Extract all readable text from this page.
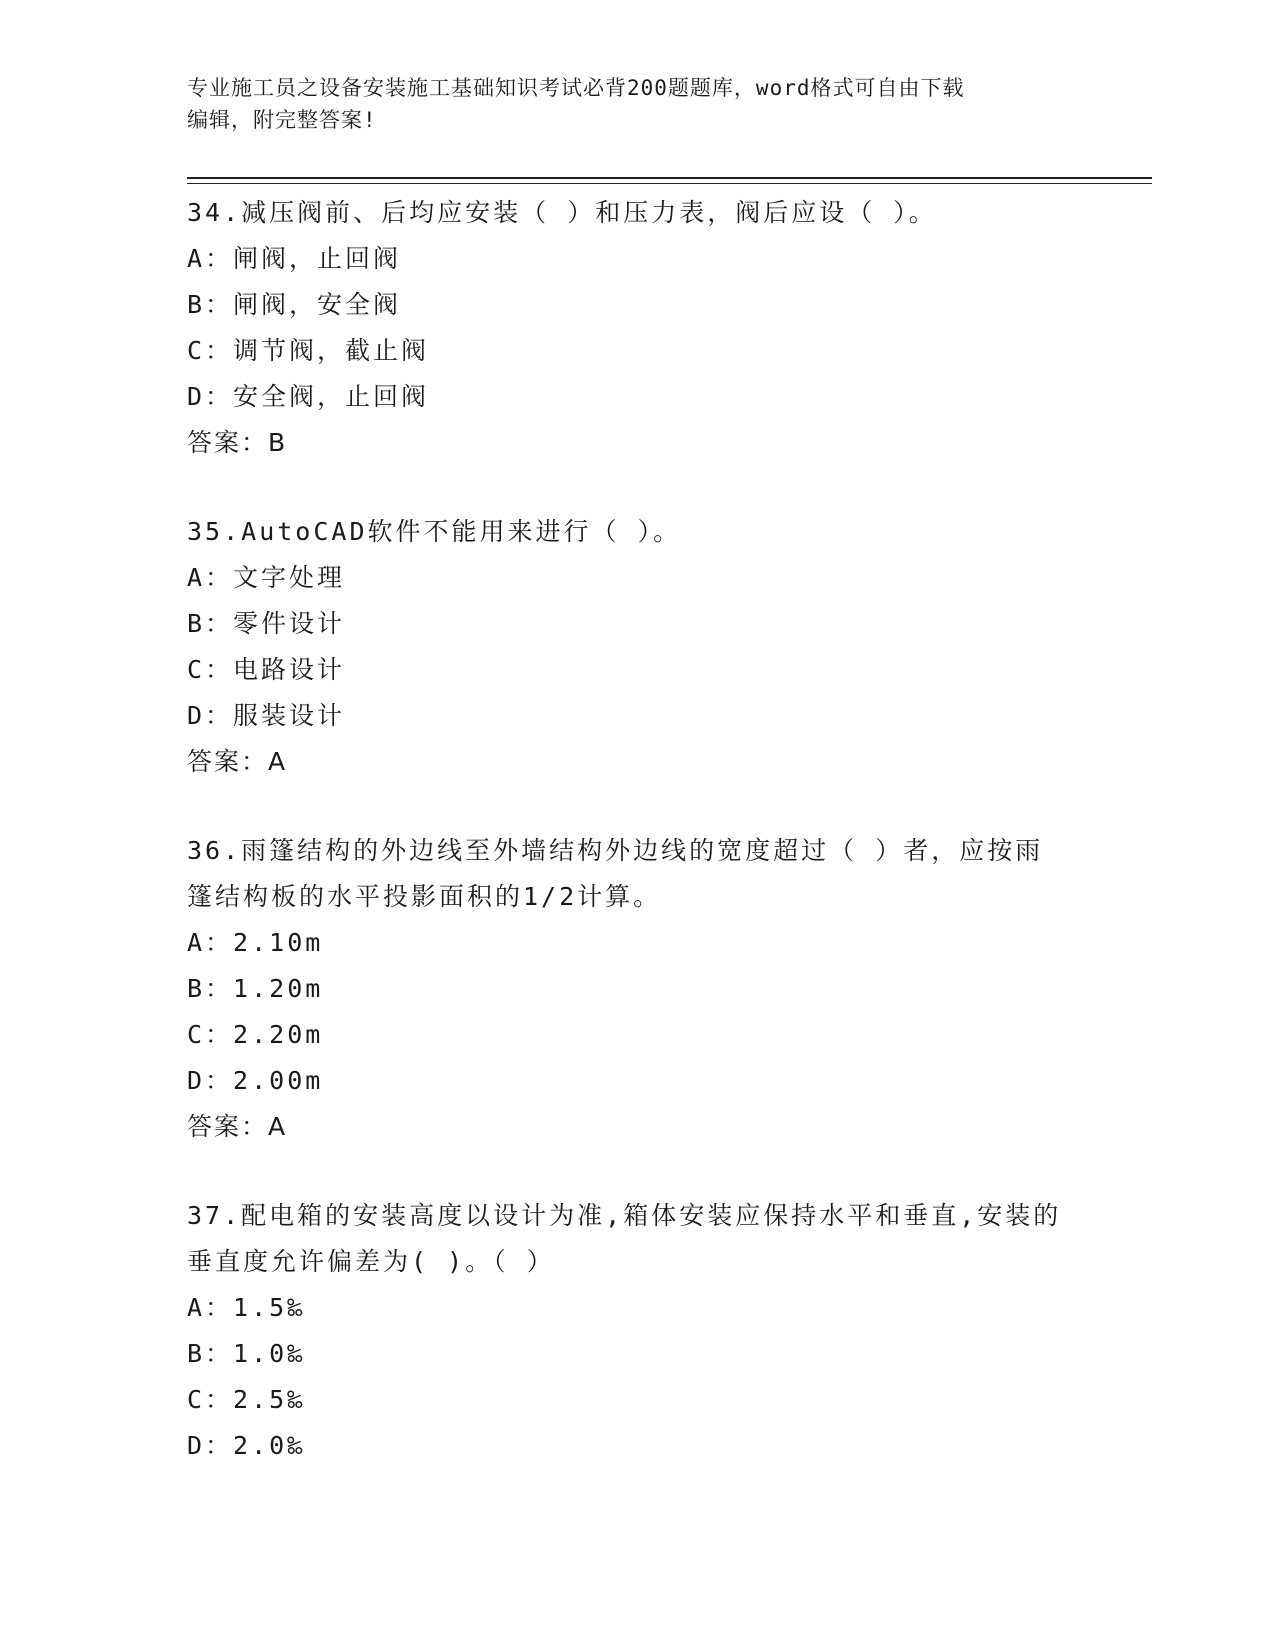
专业施工员之设备安装施工基础知识考试必背200题题库，word格式可自由下载
编辑，附完整答案!
34.减压阀前、后均应安装（ ）和压力表，阀后应设（ ）。
A：闸阀，止回阀
B：闸阀，安全阀
C：调节阀，截止阀
D：安全阀，止回阀
答案：B
35.AutoCAD软件不能用来进行（ ）。
A：文字处理
B：零件设计
C：电路设计
D：服装设计
答案：A
36.雨篷结构的外边线至外墙结构外边线的宽度超过（ ）者，应按雨
篷结构板的水平投影面积的1/2计算。
A：2.10m
B：1.20m
C：2.20m
D：2.00m
答案：A
37.配电箱的安装高度以设计为准,箱体安装应保持水平和垂直,安装的
垂直度允许偏差为( )。（ ）
A：1.5‰
B：1.0‰
C：2.5‰
D：2.0‰
